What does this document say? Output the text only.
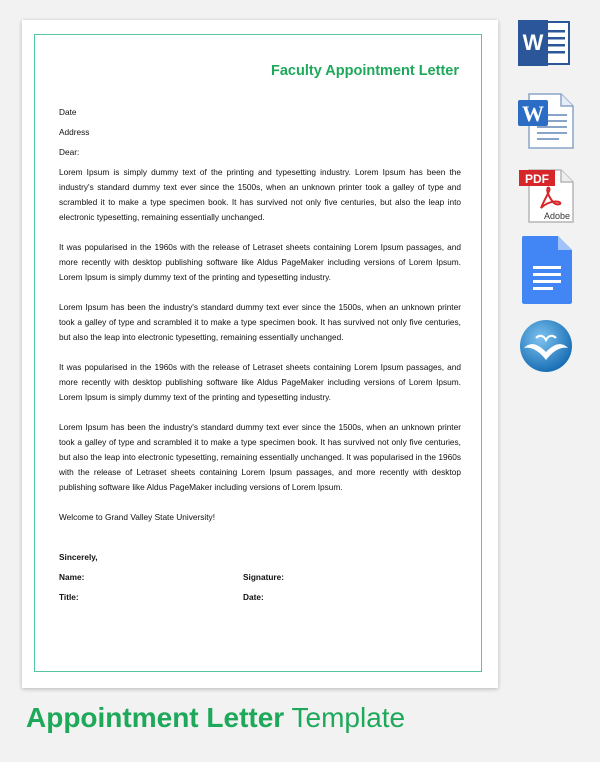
Faculty Appointment Letter
Date
Address
Dear:

Lorem Ipsum is simply dummy text of the printing and typesetting industry. Lorem Ipsum has been the industry's standard dummy text ever since the 1500s, when an unknown printer took a galley of type and scrambled it to make a type specimen book. It has survived not only five centuries, but also the leap into electronic typesetting, remaining essentially unchanged.

It was popularised in the 1960s with the release of Letraset sheets containing Lorem Ipsum passages, and more recently with desktop publishing software like Aldus PageMaker including versions of Lorem Ipsum. Lorem Ipsum is simply dummy text of the printing and typesetting industry.

Lorem Ipsum has been the industry's standard dummy text ever since the 1500s, when an unknown printer took a galley of type and scrambled it to make a type specimen book. It has survived not only five centuries, but also the leap into electronic typesetting, remaining essentially unchanged.

It was popularised in the 1960s with the release of Letraset sheets containing Lorem Ipsum passages, and more recently with desktop publishing software like Aldus PageMaker including versions of Lorem Ipsum. Lorem Ipsum is simply dummy text of the printing and typesetting industry.

Lorem Ipsum has been the industry's standard dummy text ever since the 1500s, when an unknown printer took a galley of type and scrambled it to make a type specimen book. It has survived not only five centuries, but also the leap into electronic typesetting, remaining essentially unchanged. It was popularised in the 1960s with the release of Letraset sheets containing Lorem Ipsum passages, and more recently with desktop publishing software like Aldus PageMaker including versions of Lorem Ipsum.

Welcome to Grand Valley State University!
Sincerely,
Name:	Signature:
Title:	Date:
W
W
PDF
Adobe
Appointment Letter Template
